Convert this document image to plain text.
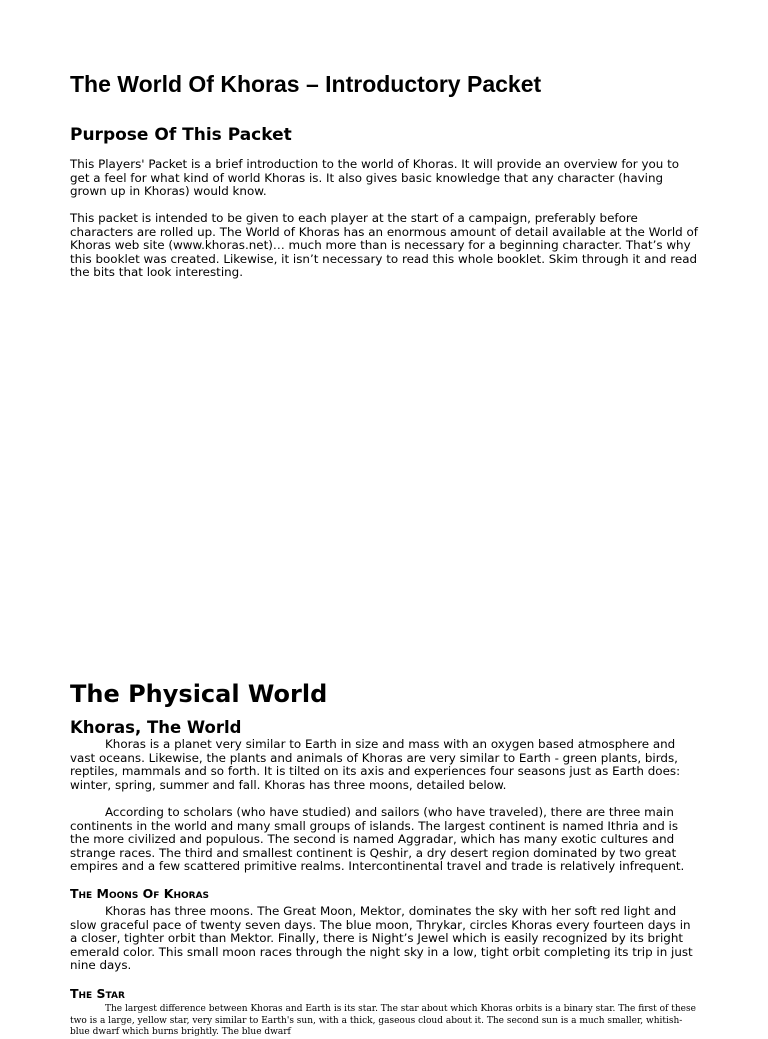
The World Of Khoras – Introductory Packet
Purpose Of This Packet

This Players' Packet is a brief introduction to the world of Khoras. It will provide an overview for you to get a feel for what kind of world Khoras is. It also gives basic knowledge that any character (having grown up in Khoras) would know.

This packet is intended to be given to each player at the start of a campaign, preferably before characters are rolled up. The World of Khoras has an enormous amount of detail available at the World of Khoras web site (www.khoras.net)… much more than is necessary for a beginning character. That’s why this booklet was created. Likewise, it isn’t necessary to read this whole booklet. Skim through it and read the bits that look interesting.

The Physical World
Khoras, The World

Khoras is a planet very similar to Earth in size and mass with an oxygen based atmosphere and vast oceans. Likewise, the plants and animals of Khoras are very similar to Earth - green plants, birds, reptiles, mammals and so forth. It is tilted on its axis and experiences four seasons just as Earth does: winter, spring, summer and fall. Khoras has three moons, detailed below.

According to scholars (who have studied) and sailors (who have traveled), there are three main continents in the world and many small groups of islands. The largest continent is named Ithria and is the more civilized and populous. The second is named Aggradar, which has many exotic cultures and strange races. The third and smallest continent is Qeshir, a dry desert region dominated by two great empires and a few scattered primitive realms. Intercontinental travel and trade is relatively infrequent.

The Moons Of Khoras

Khoras has three moons. The Great Moon, Mektor, dominates the sky with her soft red light and slow graceful pace of twenty seven days. The blue moon, Thrykar, circles Khoras every fourteen days in a closer, tighter orbit than Mektor. Finally, there is Night’s Jewel which is easily recognized by its bright emerald color. This small moon races through the night sky in a low, tight orbit completing its trip in just nine days.

The Star

The largest difference between Khoras and Earth is its star. The star about which Khoras orbits is a binary star. The first of these two is a large, yellow star, very similar to Earth's sun, with a thick, gaseous cloud about it. The second sun is a much smaller, whitish-blue dwarf which burns brightly. The blue dwarf
